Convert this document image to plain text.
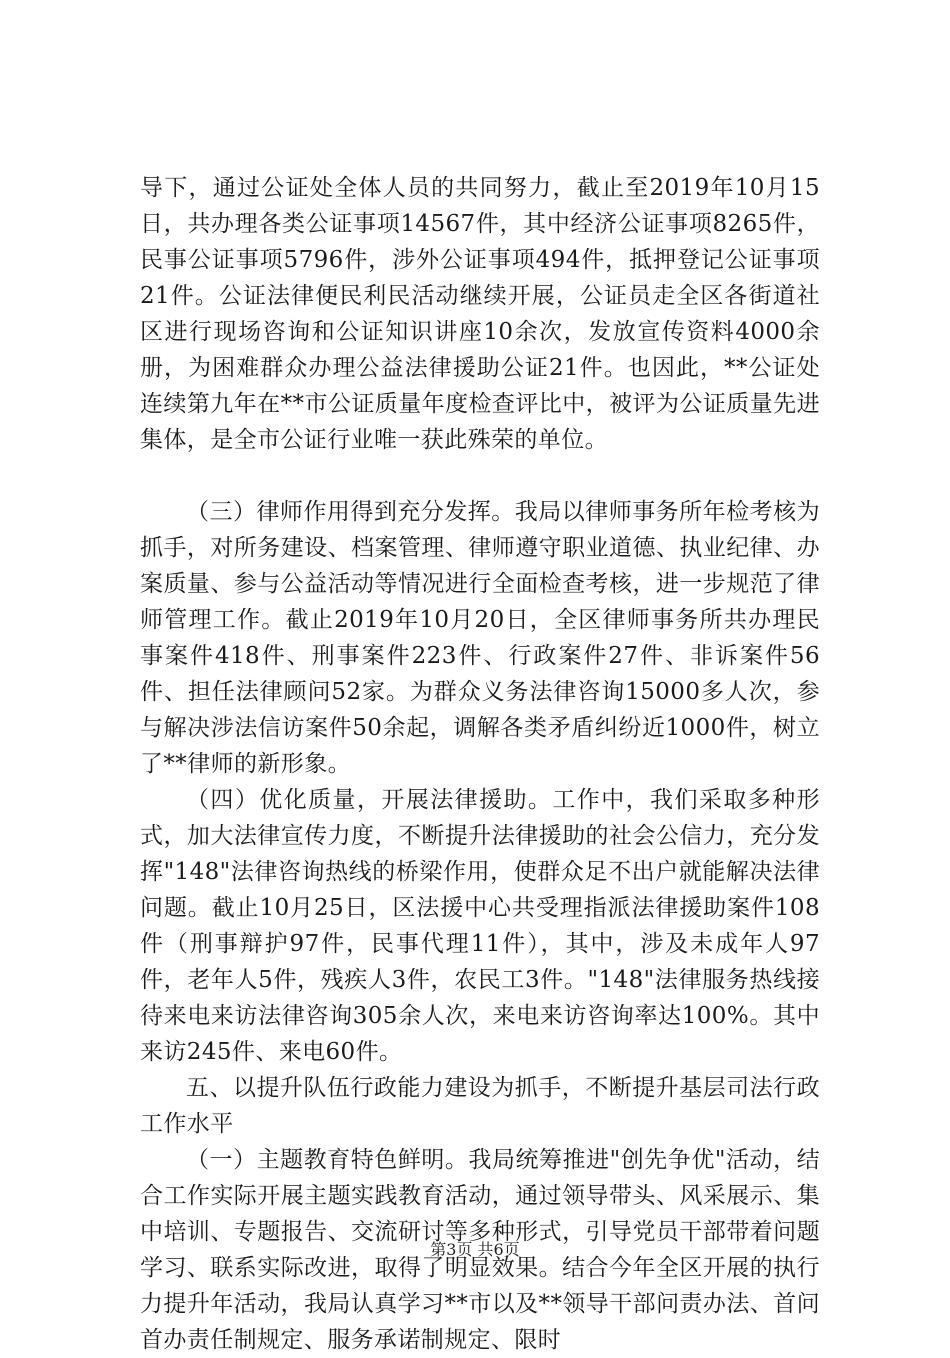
导下，通过公证处全体人员的共同努力，截止至2019年10月15日，共办理各类公证事项14567件，其中经济公证事项8265件，民事公证事项5796件，涉外公证事项494件，抵押登记公证事项21件。公证法律便民利民活动继续开展，公证员走全区各街道社区进行现场咨询和公证知识讲座10余次，发放宣传资料4000余册，为困难群众办理公益法律援助公证21件。也因此，**公证处连续第九年在**市公证质量年度检查评比中，被评为公证质量先进集体，是全市公证行业唯一获此殊荣的单位。

（三）律师作用得到充分发挥。我局以律师事务所年检考核为抓手，对所务建设、档案管理、律师遵守职业道德、执业纪律、办案质量、参与公益活动等情况进行全面检查考核，进一步规范了律师管理工作。截止2019年10月20日，全区律师事务所共办理民事案件418件、刑事案件223件、行政案件27件、非诉案件56件、担任法律顾问52家。为群众义务法律咨询15000多人次，参与解决涉法信访案件50余起，调解各类矛盾纠纷近1000件，树立了**律师的新形象。

（四）优化质量，开展法律援助。工作中，我们采取多种形式，加大法律宣传力度，不断提升法律援助的社会公信力，充分发挥"148"法律咨询热线的桥梁作用，使群众足不出户就能解决法律问题。截止10月25日，区法援中心共受理指派法律援助案件108件（刑事辩护97件，民事代理11件），其中，涉及未成年人97件，老年人5件，残疾人3件，农民工3件。"148"法律服务热线接待来电来访法律咨询305余人次，来电来访咨询率达100%。其中来访245件、来电60件。

五、以提升队伍行政能力建设为抓手，不断提升基层司法行政工作水平

（一）主题教育特色鲜明。我局统筹推进"创先争优"活动，结合工作实际开展主题实践教育活动，通过领导带头、风采展示、集中培训、专题报告、交流研讨等多种形式，引导党员干部带着问题学习、联系实际改进，取得了明显效果。结合今年全区开展的执行力提升年活动，我局认真学习**市以及**领导干部问责办法、首问首办责任制规定、服务承诺制规定、限时

第3页 共6页
